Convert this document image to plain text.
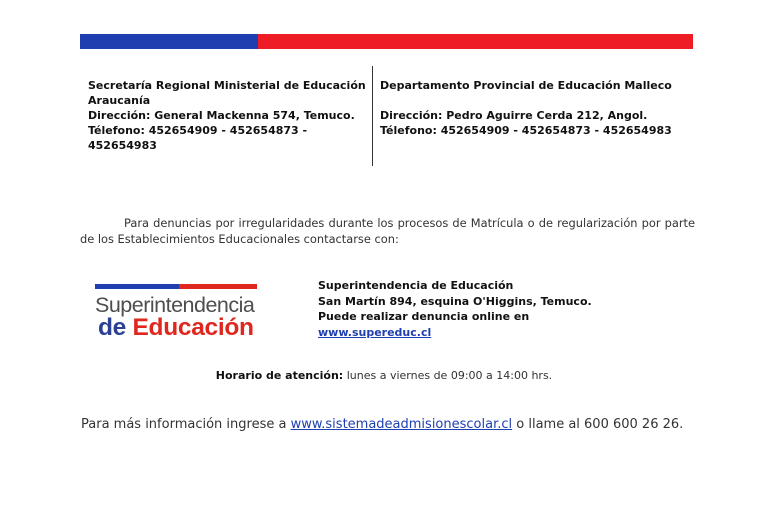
Secretaría Regional Ministerial de Educación
Araucanía
Dirección: General Mackenna 574, Temuco.
Télefono: 452654909 - 452654873 - 452654983
Departamento Provincial de Educación Malleco
Dirección: Pedro Aguirre Cerda 212, Angol.
Télefono: 452654909 - 452654873 - 452654983
Para denuncias por irregularidades durante los procesos de Matrícula o de regularización por parte de los Establecimientos Educacionales contactarse con:
Superintendencia
de Educación
Superintendencia de Educación
San Martín 894, esquina O'Higgins, Temuco.
Puede realizar denuncia online en
www.supereduc.cl
Horario de atención: lunes a viernes de 09:00 a 14:00 hrs.
Para más información ingrese a www.sistemadeadmisionescolar.cl o llame al 600 600 26 26.
